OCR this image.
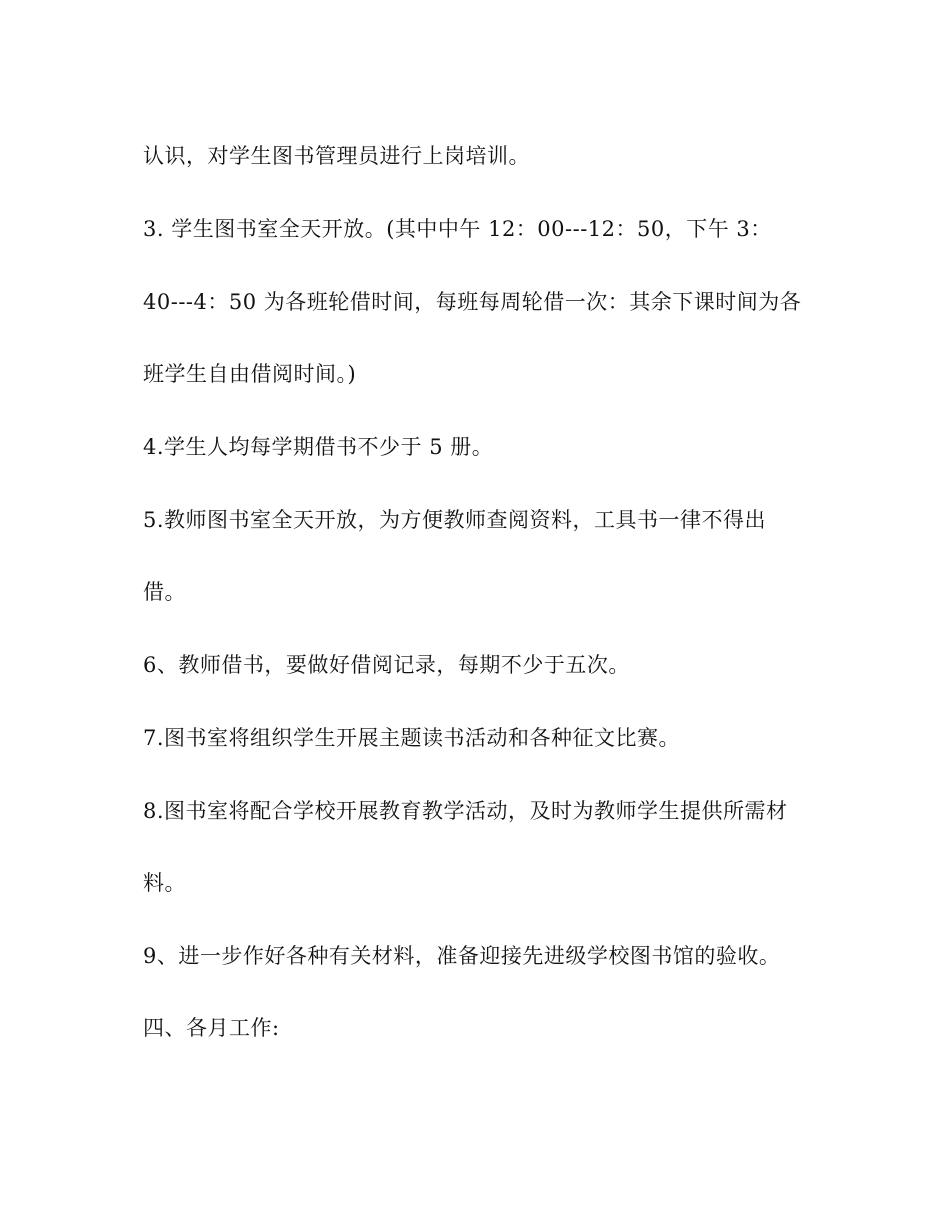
认识，对学生图书管理员进行上岗培训。
3. 学生图书室全天开放。(其中中午 12：00---12：50，下午 3：
40---4：50 为各班轮借时间，每班每周轮借一次：其余下课时间为各
班学生自由借阅时间。)
4.学生人均每学期借书不少于 5 册。
5.教师图书室全天开放，为方便教师查阅资料，工具书一律不得出
借。
6、教师借书，要做好借阅记录，每期不少于五次。
7.图书室将组织学生开展主题读书活动和各种征文比赛。
8.图书室将配合学校开展教育教学活动，及时为教师学生提供所需材
料。
9、进一步作好各种有关材料，准备迎接先进级学校图书馆的验收。
四、各月工作:
